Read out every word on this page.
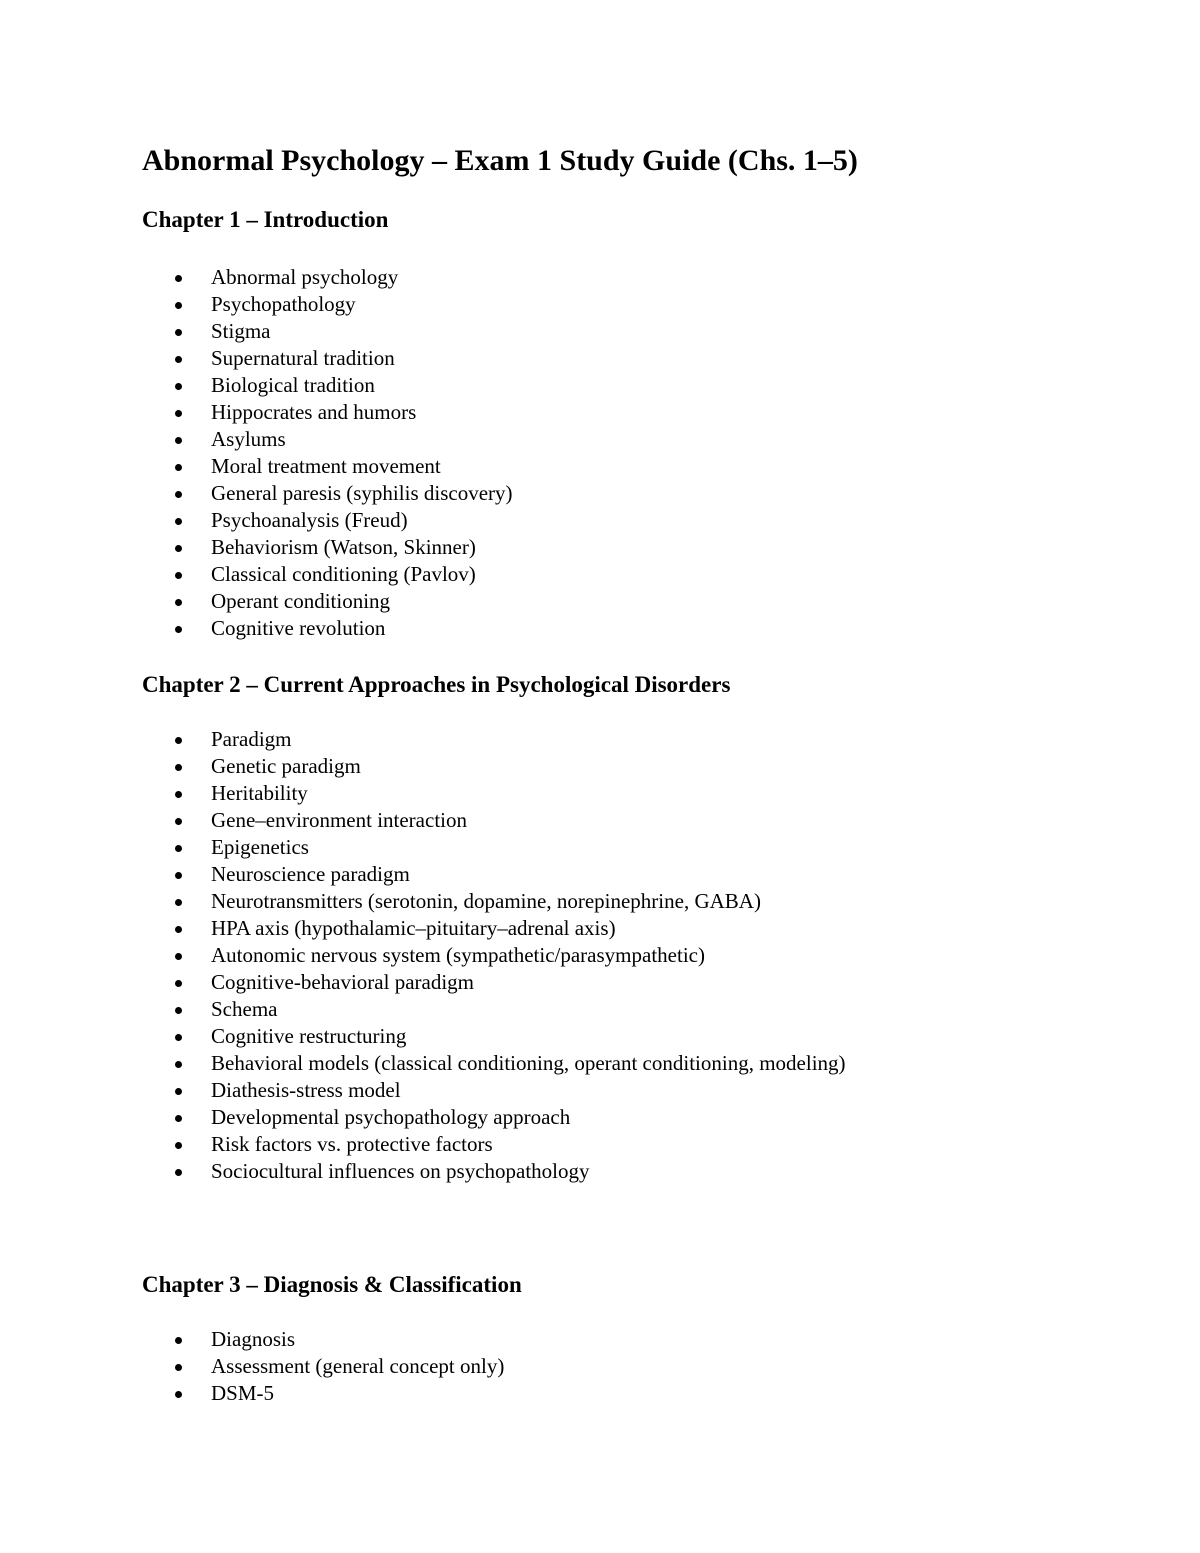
Abnormal Psychology – Exam 1 Study Guide (Chs. 1–5)
Chapter 1 – Introduction
Abnormal psychology
Psychopathology
Stigma
Supernatural tradition
Biological tradition
Hippocrates and humors
Asylums
Moral treatment movement
General paresis (syphilis discovery)
Psychoanalysis (Freud)
Behaviorism (Watson, Skinner)
Classical conditioning (Pavlov)
Operant conditioning
Cognitive revolution
Chapter 2 – Current Approaches in Psychological Disorders
Paradigm
Genetic paradigm
Heritability
Gene–environment interaction
Epigenetics
Neuroscience paradigm
Neurotransmitters (serotonin, dopamine, norepinephrine, GABA)
HPA axis (hypothalamic–pituitary–adrenal axis)
Autonomic nervous system (sympathetic/parasympathetic)
Cognitive-behavioral paradigm
Schema
Cognitive restructuring
Behavioral models (classical conditioning, operant conditioning, modeling)
Diathesis-stress model
Developmental psychopathology approach
Risk factors vs. protective factors
Sociocultural influences on psychopathology
Chapter 3 – Diagnosis & Classification
Diagnosis
Assessment (general concept only)
DSM-5
